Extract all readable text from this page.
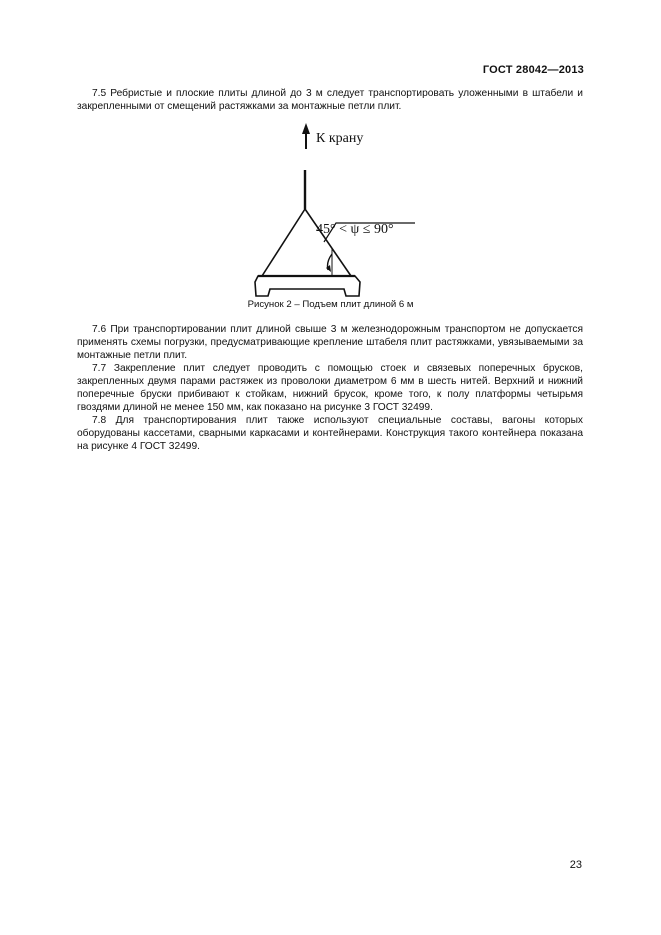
ГОСТ 28042—2013

7.5 Ребристые и плоские плиты длиной до 3 м следует транспортировать уложенными в штабели и закрепленными от смещений растяжками за монтажные петли плит.

К крану
45° < ψ ≤ 90°
Рисунок 2 – Подъем плит длиной 6 м

7.6 При транспортировании плит длиной свыше 3 м железнодорожным транспортом не допускается применять схемы погрузки, предусматривающие крепление штабеля плит растяжками, увязываемыми за монтажные петли плит.

7.7 Закрепление плит следует проводить с помощью стоек и связевых поперечных брусков, закрепленных двумя парами растяжек из проволоки диаметром 6 мм в шесть нитей. Верхний и нижний поперечные бруски прибивают к стойкам, нижний брусок, кроме того, к полу платформы четырьмя гвоздями длиной не менее 150 мм, как показано на рисунке 3 ГОСТ 32499.

7.8 Для транспортирования плит также используют специальные составы, вагоны которых оборудованы кассетами, сварными каркасами и контейнерами. Конструкция такого контейнера показана на рисунке 4 ГОСТ 32499.

23
